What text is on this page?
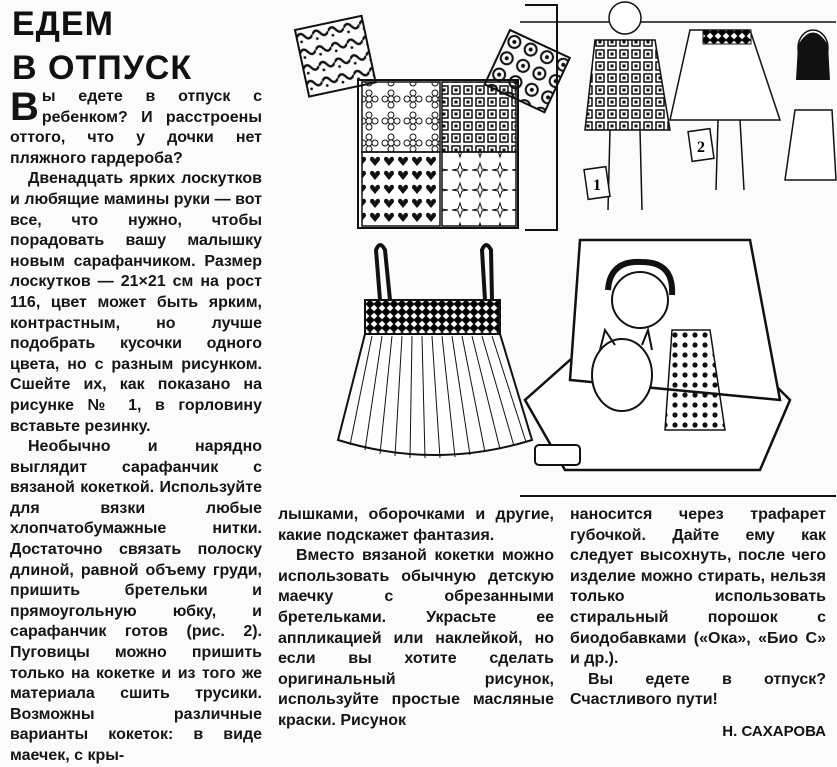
ЕДЕМ
В ОТПУСК

Вы едете в отпуск с ребенком? И расстроены оттого, что у дочки нет пляжного гардероба?

Двенадцать ярких лоскутков и любящие мамины руки — вот все, что нужно, чтобы порадовать вашу малышку новым сарафанчиком. Размер лоскутков — 21×21 см на рост 116, цвет может быть ярким, контрастным, но лучше подобрать кусочки одного цвета, но с разным рисунком. Сшейте их, как показано на рисунке № 1, в горловину вставьте резинку.

Необычно и нарядно выглядит сарафанчик с вязаной кокеткой. Используйте для вязки любые хлопчатобумажные нитки. Достаточно связать полоску длиной, равной объему груди, пришить бретельки и прямоугольную юбку, и сарафанчик готов (рис. 2). Пуговицы можно пришить только на кокетке и из того же материала сшить трусики. Возможны различные варианты кокеток: в виде маечек, с кры-

лышками, оборочками и другие, какие подскажет фантазия.

Вместо вязаной кокетки можно использовать обычную детскую маечку с обрезанными бретельками. Украсьте ее аппликацией или наклейкой, но если вы хотите сделать оригинальный рисунок, используйте простые масляные краски. Рисунок

наносится через трафарет губочкой. Дайте ему как следует высохнуть, после чего изделие можно стирать, нельзя только использовать стиральный порошок с биодобавками («Ока», «Био С» и др.).

Вы едете в отпуск? Счастливого пути!

Н. САХАРОВА
1
2
